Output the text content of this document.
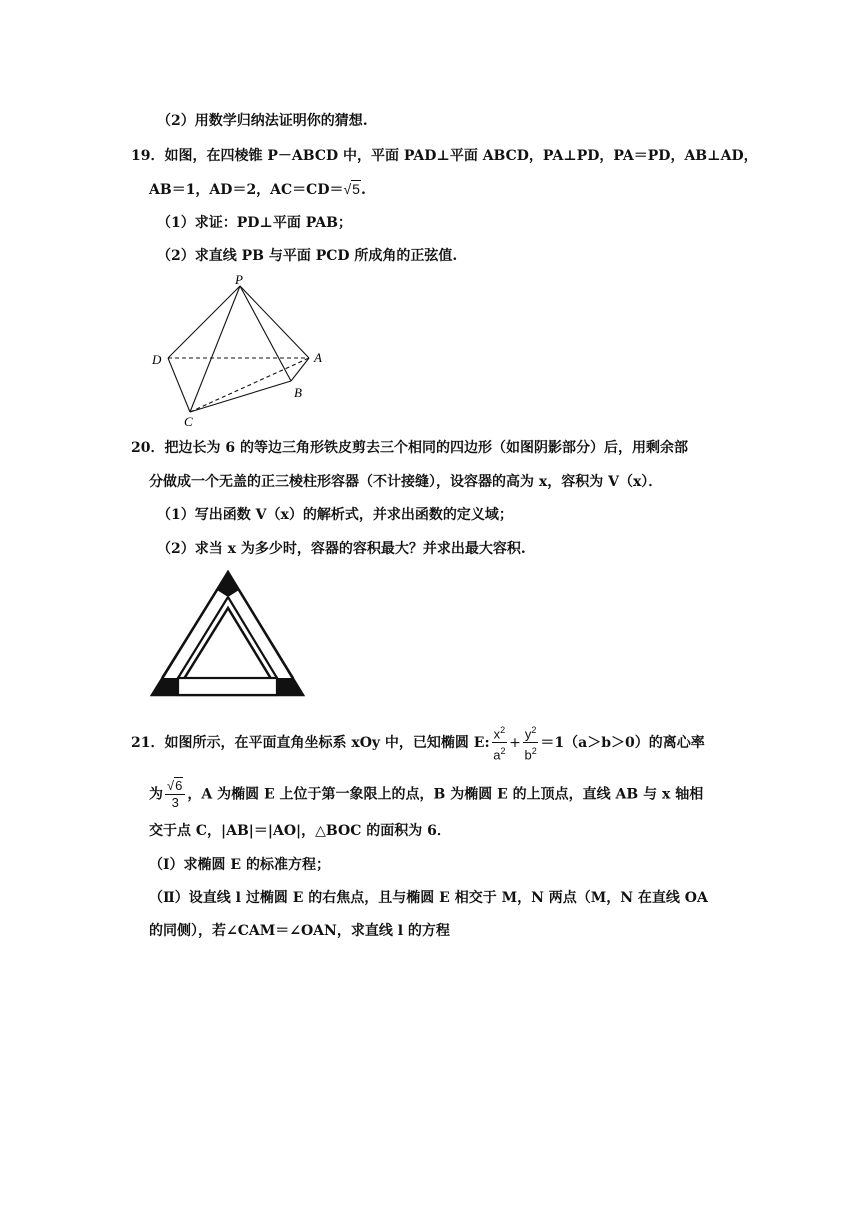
（2）用数学归纳法证明你的猜想.
19．如图，在四棱锥 P－ABCD 中，平面 PAD⊥平面 ABCD，PA⊥PD，PA＝PD，AB⊥AD，
AB＝1，AD＝2，AC＝CD＝√5.
（1）求证：PD⊥平面 PAB；
（2）求直线 PB 与平面 PCD 所成角的正弦值.
P
D	A
B
C
20．把边长为 6 的等边三角形铁皮剪去三个相同的四边形（如图阴影部分）后，用剩余部
分做成一个无盖的正三棱柱形容器（不计接缝），设容器的高为 x，容积为 V（x）．
（1）写出函数 V（x）的解析式，并求出函数的定义域；
（2）求当 x 为多少时，容器的容积最大？并求出最大容积.
21．如图所示，在平面直角坐标系 xOy 中，已知椭圆 E: $\frac{x^2}{a^2} + \frac{y^2}{b^2} =1(a>b>0)$的离心率
为 $\frac{√6}{3}$ ，A 为椭圆 E 上位于第一象限上的点，B 为椭圆 E 的上顶点，直线 AB 与 x 轴相
交于点 C，|AB|＝|AO|，△BOC 的面积为 6．
（Ⅰ）求椭圆 E 的标准方程；
（Ⅱ）设直线 l 过椭圆 E 的右焦点，且与椭圆 E 相交于 M，N 两点（M，N 在直线 OA
的同侧），若∠CAM＝∠OAN，求直线 l 的方程
